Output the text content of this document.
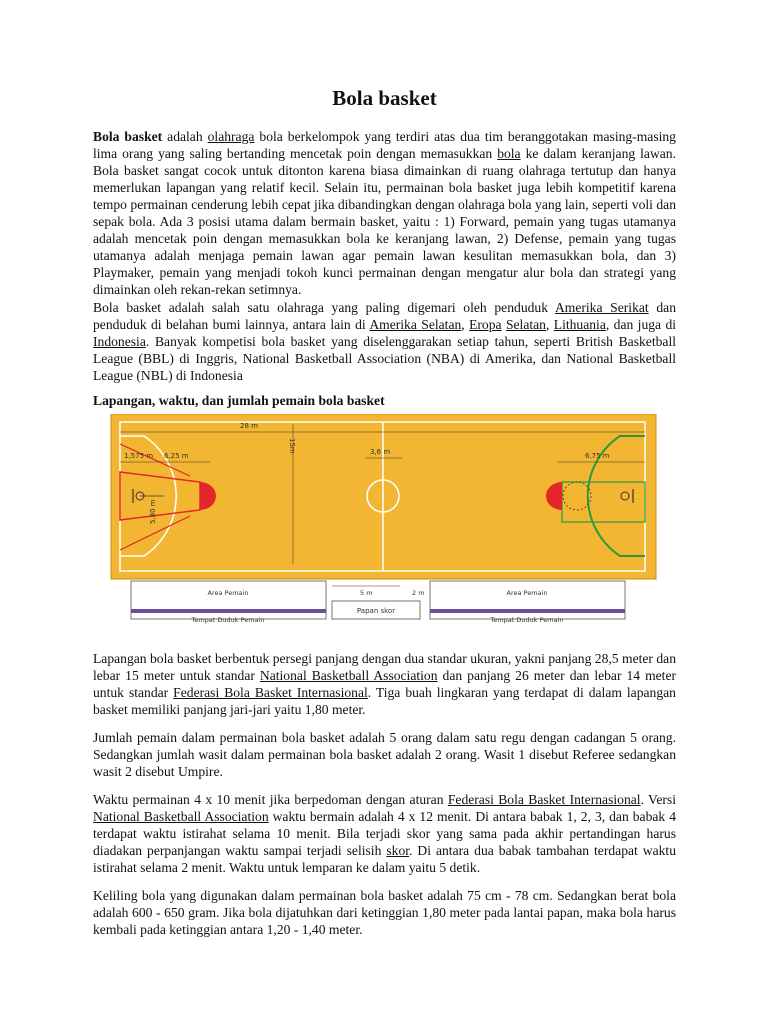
Bola basket

Bola basket adalah olahraga bola berkelompok yang terdiri atas dua tim beranggotakan masing-masing lima orang yang saling bertanding mencetak poin dengan memasukkan bola ke dalam keranjang lawan. Bola basket sangat cocok untuk ditonton karena biasa dimainkan di ruang olahraga tertutup dan hanya memerlukan lapangan yang relatif kecil. Selain itu, permainan bola basket juga lebih kompetitif karena tempo permainan cenderung lebih cepat jika dibandingkan dengan olahraga bola yang lain, seperti voli dan sepak bola. Ada 3 posisi utama dalam bermain basket, yaitu : 1) Forward, pemain yang tugas utamanya adalah mencetak poin dengan memasukkan bola ke keranjang lawan, 2) Defense, pemain yang tugas utamanya adalah menjaga pemain lawan agar pemain lawan kesulitan memasukkan bola, dan 3) Playmaker, pemain yang menjadi tokoh kunci permainan dengan mengatur alur bola dan strategi yang dimainkan oleh rekan-rekan setimnya.

Bola basket adalah salah satu olahraga yang paling digemari oleh penduduk Amerika Serikat dan penduduk di belahan bumi lainnya, antara lain di Amerika Selatan, Eropa Selatan, Lithuania, dan juga di Indonesia. Banyak kompetisi bola basket yang diselenggarakan setiap tahun, seperti British Basketball League (BBL) di Inggris, National Basketball Association (NBA) di Amerika, dan National Basketball League (NBL) di Indonesia

Lapangan, waktu, dan jumlah pemain bola basket

Lapangan bola basket berbentuk persegi panjang dengan dua standar ukuran, yakni panjang 28,5 meter dan lebar 15 meter untuk standar National Basketball Association dan panjang 26 meter dan lebar 14 meter untuk standar Federasi Bola Basket Internasional. Tiga buah lingkaran yang terdapat di dalam lapangan basket memiliki panjang jari-jari yaitu 1,80 meter.

Jumlah pemain dalam permainan bola basket adalah 5 orang dalam satu regu dengan cadangan 5 orang. Sedangkan jumlah wasit dalam permainan bola basket adalah 2 orang. Wasit 1 disebut Referee sedangkan wasit 2 disebut Umpire.

Waktu permainan 4 x 10 menit jika berpedoman dengan aturan Federasi Bola Basket Internasional. Versi National Basketball Association waktu bermain adalah 4 x 12 menit. Di antara babak 1, 2, 3, dan babak 4 terdapat waktu istirahat selama 10 menit. Bila terjadi skor yang sama pada akhir pertandingan harus diadakan perpanjangan waktu sampai terjadi selisih skor. Di antara dua babak tambahan terdapat waktu istirahat selama 2 menit. Waktu untuk lemparan ke dalam yaitu 5 detik.

Keliling bola yang digunakan dalam permainan bola basket adalah 75 cm - 78 cm. Sedangkan berat bola adalah 600 - 650 gram. Jika bola dijatuhkan dari ketinggian 1,80 meter pada lantai papan, maka bola harus kembali pada ketinggian antara 1,20 - 1,40 meter.

28 m
15m
1,575 m 6,25 m	3,6 m	6,75 m
5,80 m
Area Pemain	Area Pemain
Tempat Duduk Pemain	Tempat Duduk Pemain
5 m	2 m
Papan skor
